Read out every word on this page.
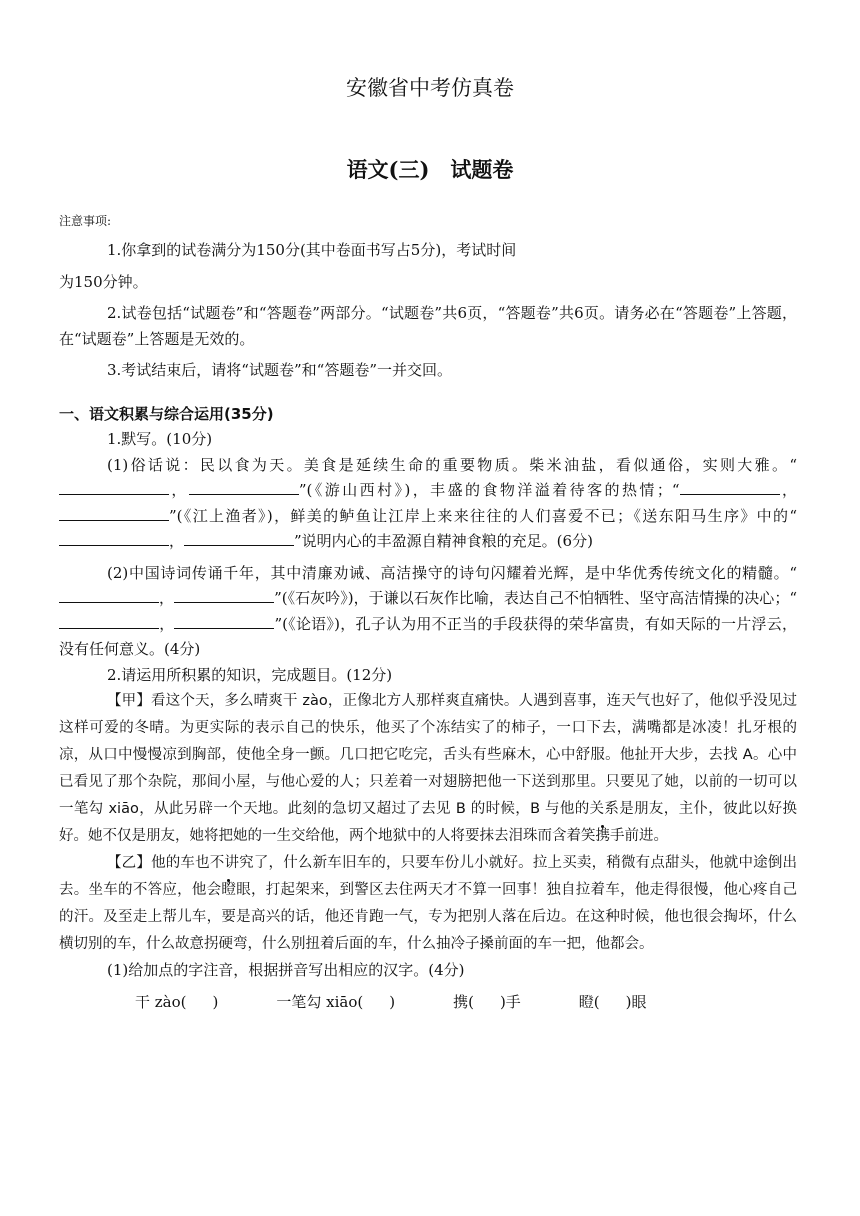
安徽省中考仿真卷
语文(三)　试题卷

注意事项:

1.你拿到的试卷满分为150分(其中卷面书写占5分)，考试时间

为150分钟。

2.试卷包括“试题卷”和“答题卷”两部分。“试题卷”共6页，“答题卷”共6页。请务必在“答题卷”上答题，在“试题卷”上答题是无效的。

3.考试结束后，请将“试题卷”和“答题卷”一并交回。

一、语文积累与综合运用(35分)

1.默写。(10分)

(1)俗话说：民以食为天。美食是延续生命的重要物质。柴米油盐，看似通俗，实则大雅。“，	”(《游山西村》)，丰盛的食物洋溢着待客的热情；“	，”(《江上渔者》)，鲜美的鲈鱼让江岸上来来往往的人们喜爱不已；《送东阳马生序》中的“，	”说明内心的丰盈源自精神食粮的充足。(6分)

(2)中国诗词传诵千年，其中清廉劝诫、高洁操守的诗句闪耀着光辉，是中华优秀传统文化的精髓。“，	”(《石灰吟》)，于谦以石灰作比喻，表达自己不怕牺牲、坚守高洁情操的决心；“，	”(《论语》)，孔子认为用不正当的手段获得的荣华富贵，有如天际的一片浮云，没有任何意义。(4分)

2.请运用所积累的知识，完成题目。(12分)

【甲】看这个天，多么晴爽干 zào，正像北方人那样爽直痛快。人遇到喜事，连天气也好了，他似乎没见过这样可爱的冬晴。为更实际的表示自己的快乐，他买了个冻结实了的柿子，一口下去，满嘴都是冰凌！扎牙根的凉，从口中慢慢凉到胸部，使他全身一颤。几口把它吃完，舌头有些麻木，心中舒服。他扯开大步，去找 A。心中已看见了那个杂院，那间小屋，与他心爱的人；只差着一对翅膀把他一下送到那里。只要见了她，以前的一切可以一笔勾 xiāo，从此另辟一个天地。此刻的急切又超过了去见 B 的时候，B 与他的关系是朋友，主仆，彼此以好换好。她不仅是朋友，她将把她的一生交给他，两个地狱中的人将要抹去泪珠而含着笑携手前进。

【乙】他的车也不讲究了，什么新车旧车的，只要车份儿小就好。拉上买卖，稍微有点甜头，他就中途倒出去。坐车的不答应，他会瞪眼，打起架来，到警区去住两天才不算一回事！独自拉着车，他走得很慢，他心疼自己的汗。及至走上帮儿车，要是高兴的话，他还肯跑一气，专为把别人落在后边。在这种时候，他也很会掏坏，什么横切别的车，什么故意拐硬弯，什么别扭着后面的车，什么抽冷子搡前面的车一把，他都会。

(1)给加点的字注音，根据拼音写出相应的汉字。(4分)

干 zào( )	一笔勾 xiāo( )	携( )手	瞪( )眼
